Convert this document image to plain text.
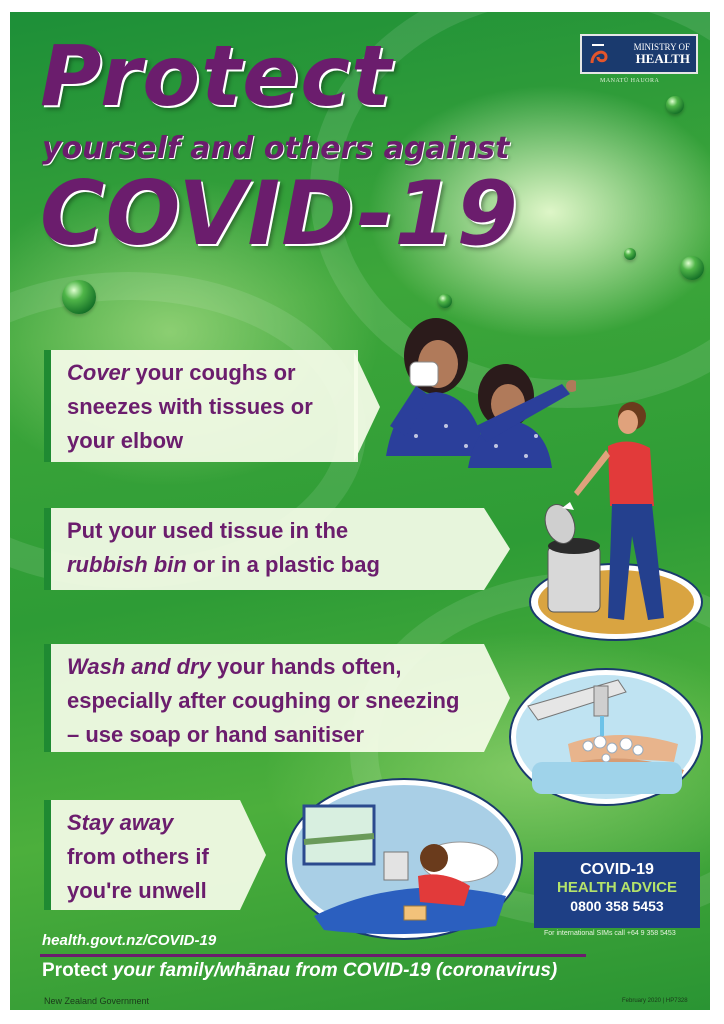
MINISTRY OF
HEALTH
MANATŪ HAUORA
Protect
yourself and others against
COVID-19
Cover your coughs or
sneezes with tissues or
your elbow
Put your used tissue in the
rubbish bin or in a plastic bag
Wash and dry your hands often,
especially after coughing or sneezing
– use soap or hand sanitiser
Stay away
from others if
you're unwell
COVID-19
HEALTH ADVICE
0800 358 5453
For international SIMs call +64 9 358 5453
health.govt.nz/COVID-19
Protect your family/whānau from COVID-19 (coronavirus)
New Zealand Government	February 2020 | HP7328
